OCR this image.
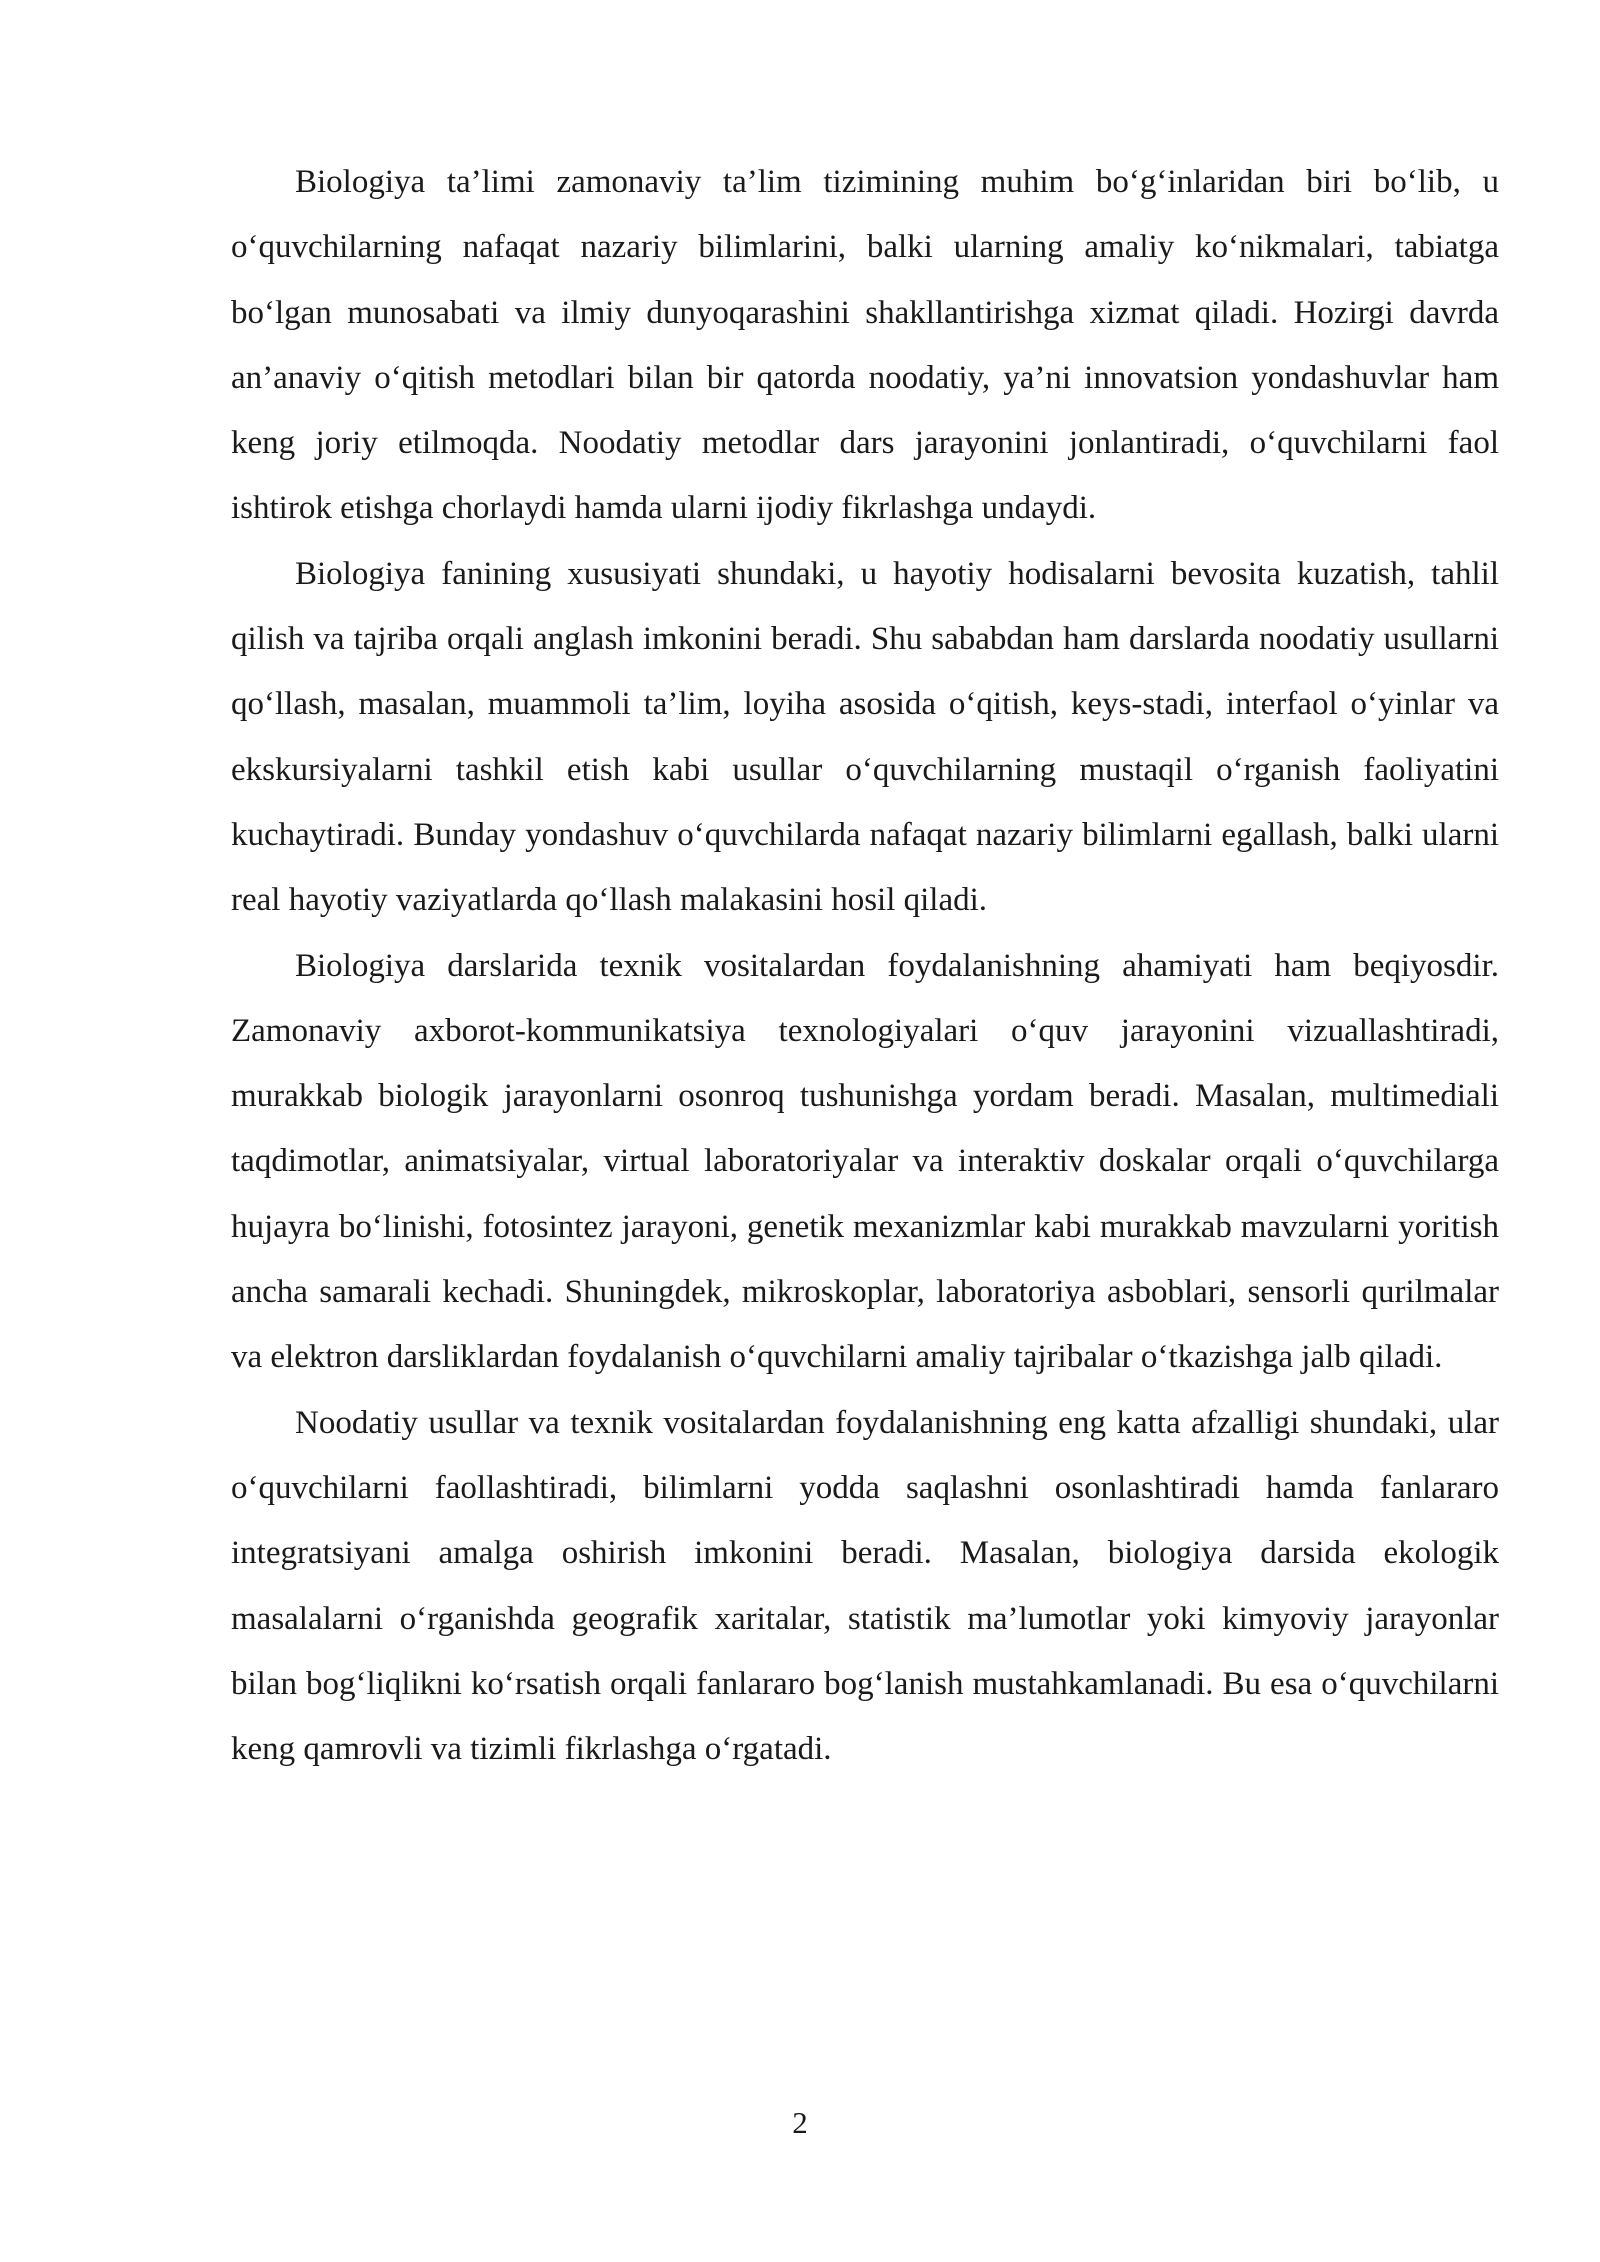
Biologiya ta’limi zamonaviy ta’lim tizimining muhim bo‘g‘inlaridan biri bo‘lib, u o‘quvchilarning nafaqat nazariy bilimlarini, balki ularning amaliy ko‘nikmalari, tabiatga bo‘lgan munosabati va ilmiy dunyoqarashini shakllantirishga xizmat qiladi. Hozirgi davrda an’anaviy o‘qitish metodlari bilan bir qatorda noodatiy, ya’ni innovatsion yondashuvlar ham keng joriy etilmoqda. Noodatiy metodlar dars jarayonini jonlantiradi, o‘quvchilarni faol ishtirok etishga chorlaydi hamda ularni ijodiy fikrlashga undaydi.

Biologiya fanining xususiyati shundaki, u hayotiy hodisalarni bevosita kuzatish, tahlil qilish va tajriba orqali anglash imkonini beradi. Shu sababdan ham darslarda noodatiy usullarni qo‘llash, masalan, muammoli ta’lim, loyiha asosida o‘qitish, keys-stadi, interfaol o‘yinlar va ekskursiyalarni tashkil etish kabi usullar o‘quvchilarning mustaqil o‘rganish faoliyatini kuchaytiradi. Bunday yondashuv o‘quvchilarda nafaqat nazariy bilimlarni egallash, balki ularni real hayotiy vaziyatlarda qo‘llash malakasini hosil qiladi.

Biologiya darslarida texnik vositalardan foydalanishning ahamiyati ham beqiyosdir. Zamonaviy axborot-kommunikatsiya texnologiyalari o‘quv jarayonini vizuallashtiradi, murakkab biologik jarayonlarni osonroq tushunishga yordam beradi. Masalan, multimediali taqdimotlar, animatsiyalar, virtual laboratoriyalar va interaktiv doskalar orqali o‘quvchilarga hujayra bo‘linishi, fotosintez jarayoni, genetik mexanizmlar kabi murakkab mavzularni yoritish ancha samarali kechadi. Shuningdek, mikroskoplar, laboratoriya asboblari, sensorli qurilmalar va elektron darsliklardan foydalanish o‘quvchilarni amaliy tajribalar o‘tkazishga jalb qiladi.

Noodatiy usullar va texnik vositalardan foydalanishning eng katta afzalligi shundaki, ular o‘quvchilarni faollashtiradi, bilimlarni yodda saqlashni osonlashtiradi hamda fanlararo integratsiyani amalga oshirish imkonini beradi. Masalan, biologiya darsida ekologik masalalarni o‘rganishda geografik xaritalar, statistik ma’lumotlar yoki kimyoviy jarayonlar bilan bog‘liqlikni ko‘rsatish orqali fanlararo bog‘lanish mustahkamlanadi. Bu esa o‘quvchilarni keng qamrovli va tizimli fikrlashga o‘rgatadi.

2
